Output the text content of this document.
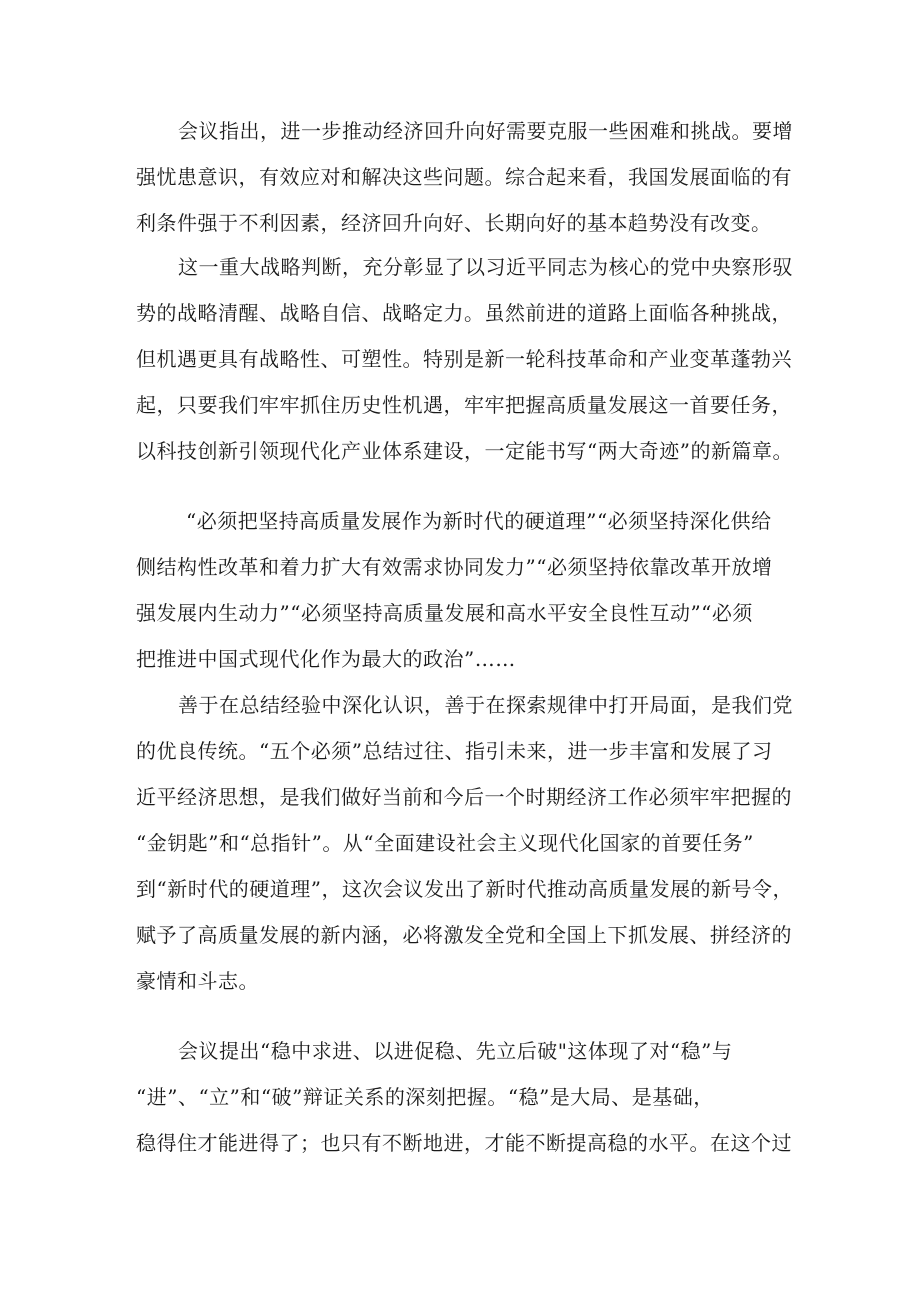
会议指出，进一步推动经济回升向好需要克服一些困难和挑战。要增
强忧患意识，有效应对和解决这些问题。综合起来看，我国发展面临的有
利条件强于不利因素，经济回升向好、长期向好的基本趋势没有改变。
这一重大战略判断，充分彰显了以习近平同志为核心的党中央察形驭
势的战略清醒、战略自信、战略定力。虽然前进的道路上面临各种挑战，
但机遇更具有战略性、可塑性。特别是新一轮科技革命和产业变革蓬勃兴
起，只要我们牢牢抓住历史性机遇，牢牢把握高质量发展这一首要任务，
以科技创新引领现代化产业体系建设，一定能书写“两大奇迹”的新篇章。
“必须把坚持高质量发展作为新时代的硬道理”“必须坚持深化供给
侧结构性改革和着力扩大有效需求协同发力”“必须坚持依靠改革开放增
强发展内生动力”“必须坚持高质量发展和高水平安全良性互动”“必须
把推进中国式现代化作为最大的政治”……
善于在总结经验中深化认识，善于在探索规律中打开局面，是我们党
的优良传统。“五个必须”总结过往、指引未来，进一步丰富和发展了习
近平经济思想，是我们做好当前和今后一个时期经济工作必须牢牢把握的
“金钥匙”和“总指针”。从“全面建设社会主义现代化国家的首要任务”
到“新时代的硬道理”，这次会议发出了新时代推动高质量发展的新号令，
赋予了高质量发展的新内涵，必将激发全党和全国上下抓发展、拼经济的
豪情和斗志。
会议提出“稳中求进、以进促稳、先立后破"这体现了对“稳”与
“进”、“立”和“破”辩证关系的深刻把握。“稳”是大局、是基础，
稳得住才能进得了；也只有不断地进，才能不断提高稳的水平。在这个过
